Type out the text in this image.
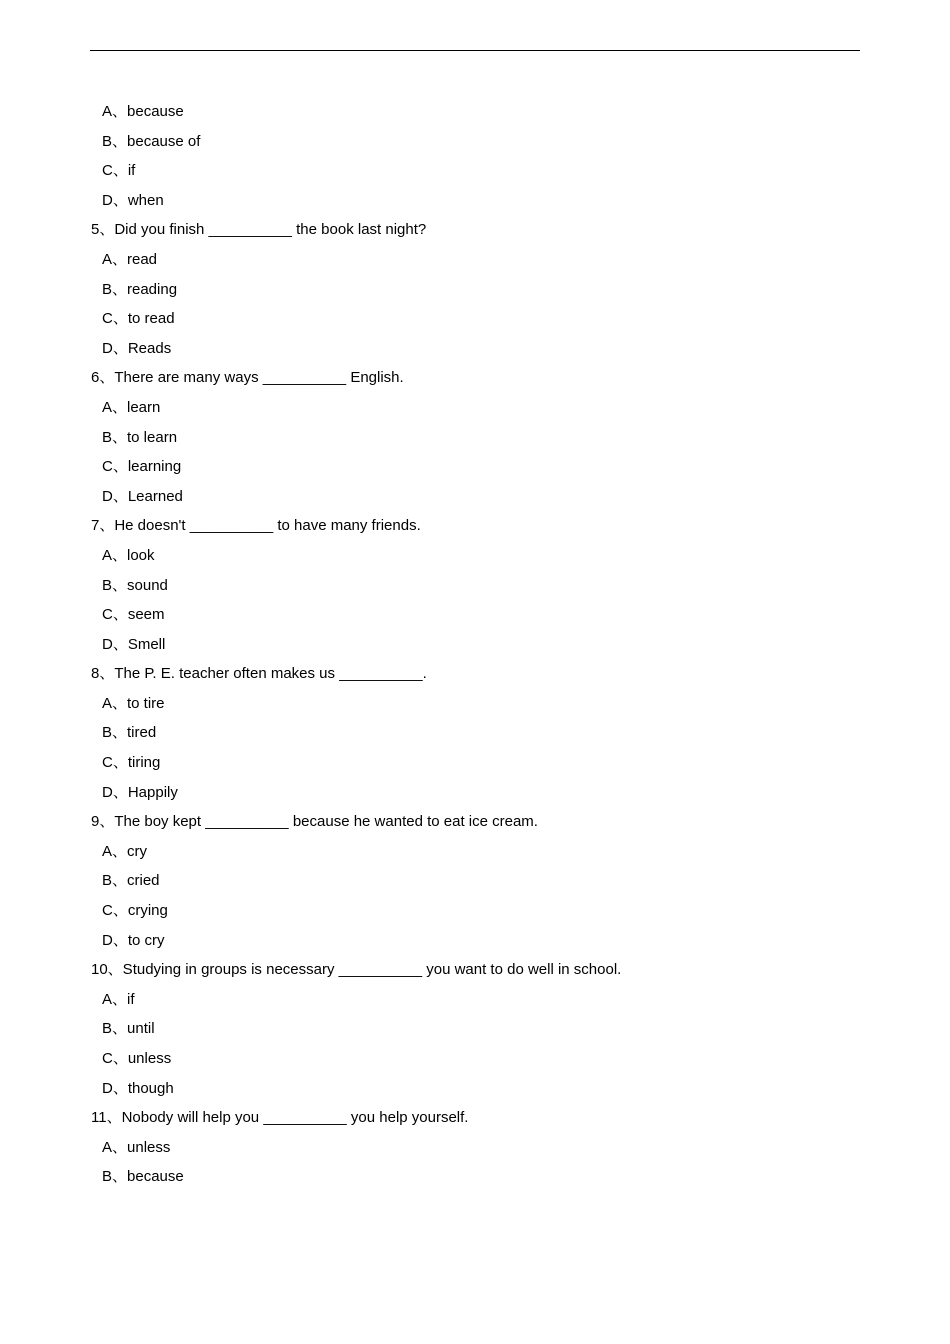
A、because
B、because of
C、if
D、when
5、Did you finish __________ the book last night?
A、read
B、reading
C、to read
D、Reads
6、There are many ways __________ English.
A、learn
B、to learn
C、learning
D、Learned
7、He doesn't __________ to have many friends.
A、look
B、sound
C、seem
D、Smell
8、The P. E. teacher often makes us __________.
A、to tire
B、tired
C、tiring
D、Happily
9、The boy kept __________ because he wanted to eat ice cream.
A、cry
B、cried
C、crying
D、to cry
10、Studying in groups is necessary __________ you want to do well in school.
A、if
B、until
C、unless
D、though
11、Nobody will help you __________ you help yourself.
A、unless
B、because
